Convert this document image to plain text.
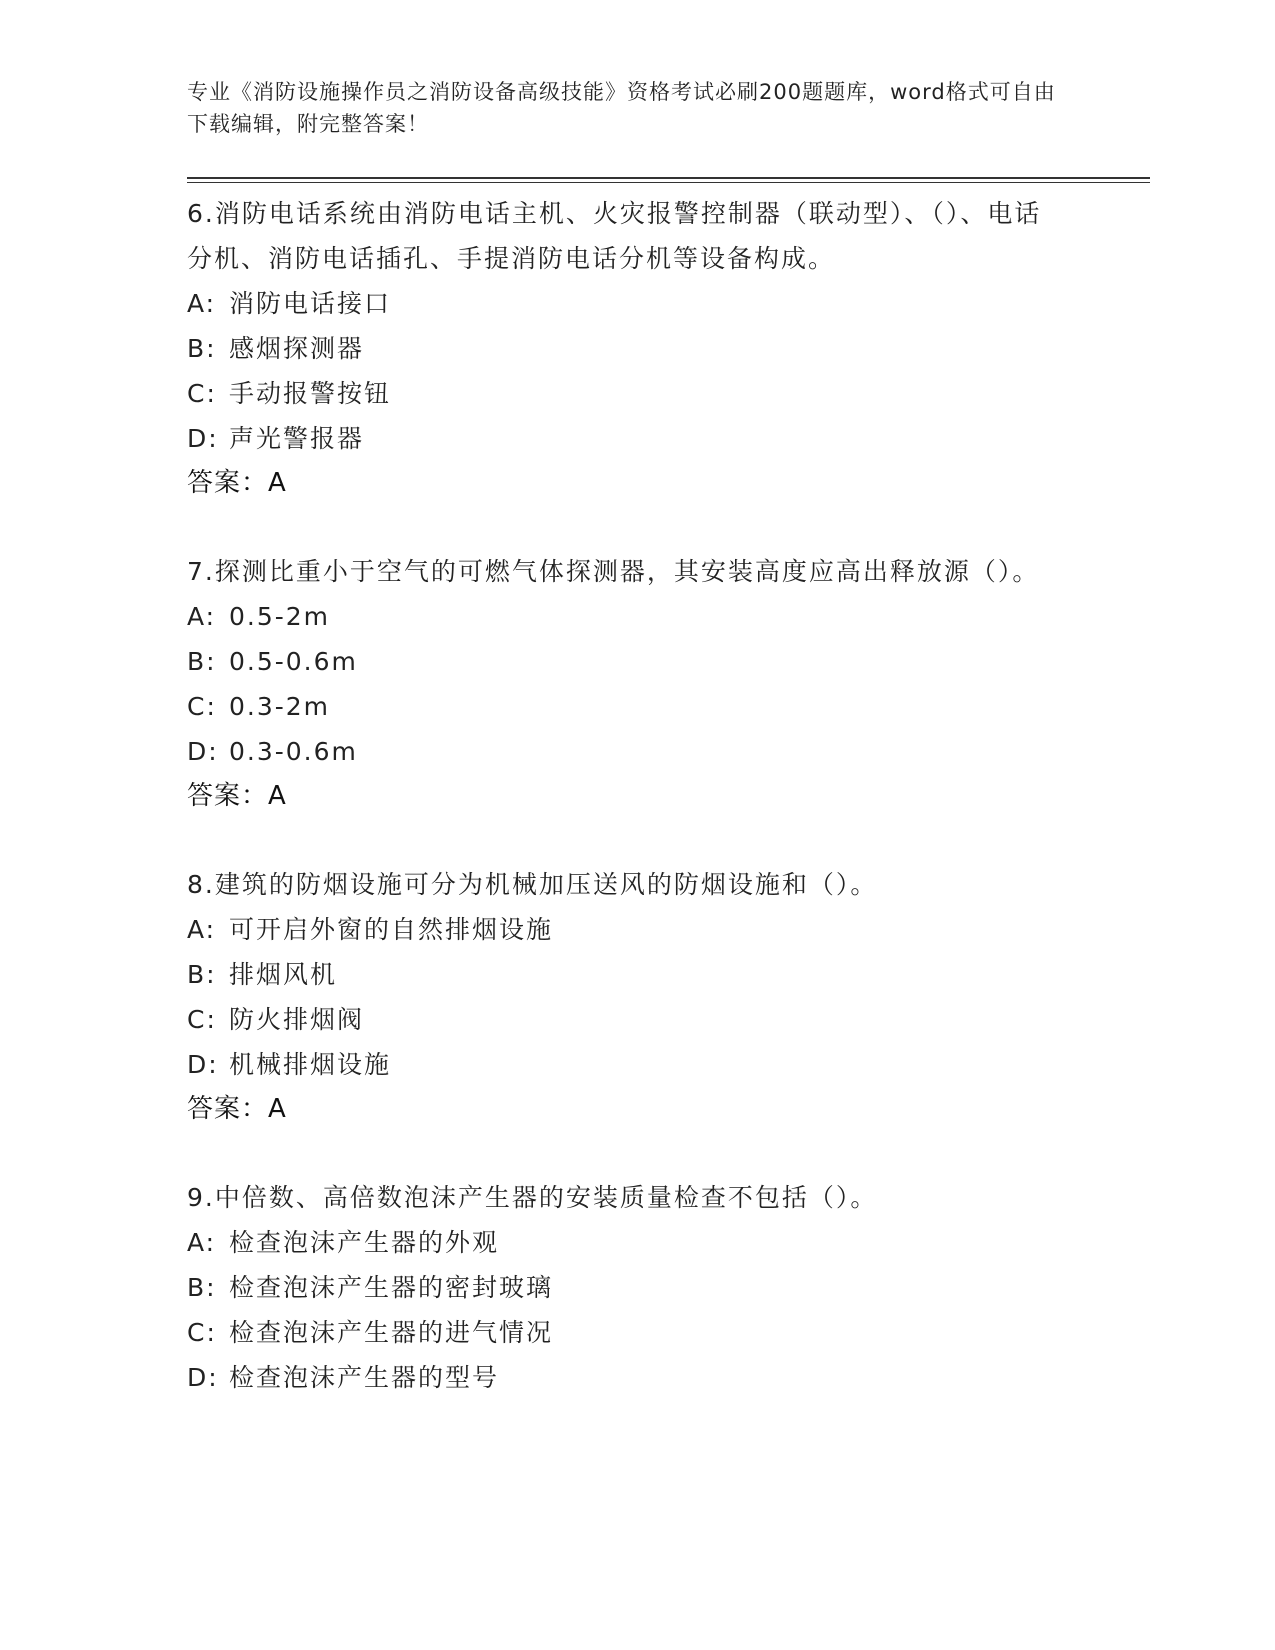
专业《消防设施操作员之消防设备高级技能》资格考试必刷200题题库，word格式可自由下载编辑，附完整答案！

6.消防电话系统由消防电话主机、火灾报警控制器（联动型）、（）、电话分机、消防电话插孔、手提消防电话分机等设备构成。

A: 消防电话接口

B: 感烟探测器

C: 手动报警按钮

D: 声光警报器

答案：A

7.探测比重小于空气的可燃气体探测器，其安装高度应高出释放源（）。

A: 0.5-2m

B: 0.5-0.6m

C: 0.3-2m

D: 0.3-0.6m

答案：A

8.建筑的防烟设施可分为机械加压送风的防烟设施和（）。

A: 可开启外窗的自然排烟设施

B: 排烟风机

C: 防火排烟阀

D: 机械排烟设施

答案：A

9.中倍数、高倍数泡沫产生器的安装质量检查不包括（）。

A: 检查泡沫产生器的外观

B: 检查泡沫产生器的密封玻璃

C: 检查泡沫产生器的进气情况

D: 检查泡沫产生器的型号
